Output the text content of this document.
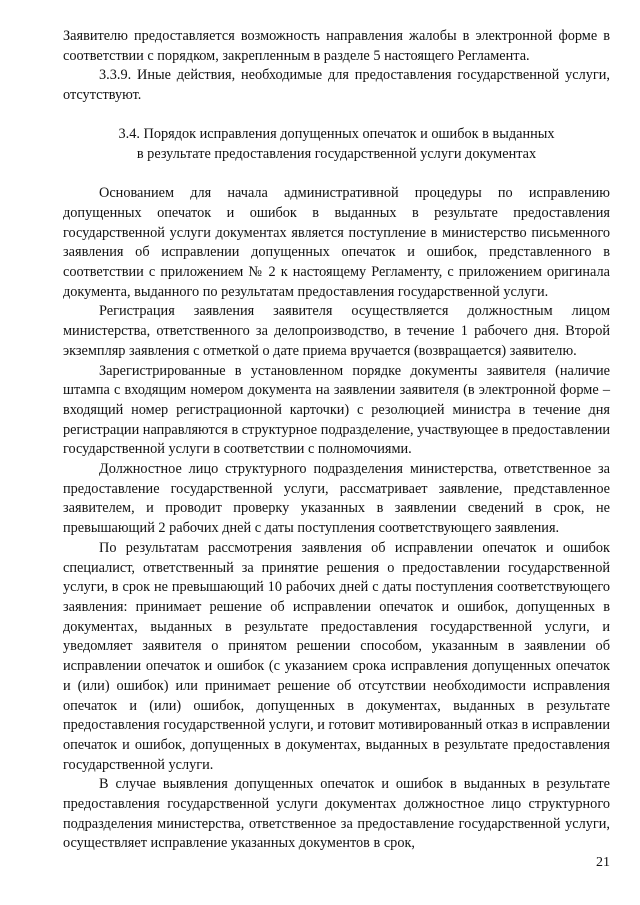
Заявителю предоставляется возможность направления жалобы в электронной форме в соответствии с порядком, закрепленным в разделе 5 настоящего Регламента.

3.3.9. Иные действия, необходимые для предоставления государственной услуги, отсутствуют.

3.4. Порядок исправления допущенных опечаток и ошибок в выданных
в результате предоставления государственной услуги документах

Основанием для начала административной процедуры по исправлению допущенных опечаток и ошибок в выданных в результате предоставления государственной услуги документах является поступление в министерство письменного заявления об исправлении допущенных опечаток и ошибок, представленного в соответствии с приложением № 2 к настоящему Регламенту, с приложением оригинала документа, выданного по результатам предоставления государственной услуги.

Регистрация заявления заявителя осуществляется должностным лицом министерства, ответственного за делопроизводство, в течение 1 рабочего дня. Второй экземпляр заявления с отметкой о дате приема вручается (возвращается) заявителю.

Зарегистрированные в установленном порядке документы заявителя (наличие штампа с входящим номером документа на заявлении заявителя (в электронной форме – входящий номер регистрационной карточки) с резолюцией министра в течение дня регистрации направляются в структурное подразделение, участвующее в предоставлении государственной услуги в соответствии с полномочиями.

Должностное лицо структурного подразделения министерства, ответственное за предоставление государственной услуги, рассматривает заявление, представленное заявителем, и проводит проверку указанных в заявлении сведений в срок, не превышающий 2 рабочих дней с даты поступления соответствующего заявления.

По результатам рассмотрения заявления об исправлении опечаток и ошибок специалист, ответственный за принятие решения о предоставлении государственной услуги, в срок не превышающий 10 рабочих дней с даты поступления соответствующего заявления: принимает решение об исправлении опечаток и ошибок, допущенных в документах, выданных в результате предоставления государственной услуги, и уведомляет заявителя о принятом решении способом, указанным в заявлении об исправлении опечаток и ошибок (с указанием срока исправления допущенных опечаток и (или) ошибок) или принимает решение об отсутствии необходимости исправления опечаток и (или) ошибок, допущенных в документах, выданных в результате предоставления государственной услуги, и готовит мотивированный отказ в исправлении опечаток и ошибок, допущенных в документах, выданных в результате предоставления государственной услуги.

В случае выявления допущенных опечаток и ошибок в выданных в результате предоставления государственной услуги документах должностное лицо структурного подразделения министерства, ответственное за предоставление государственной услуги, осуществляет исправление указанных документов в срок,

21
